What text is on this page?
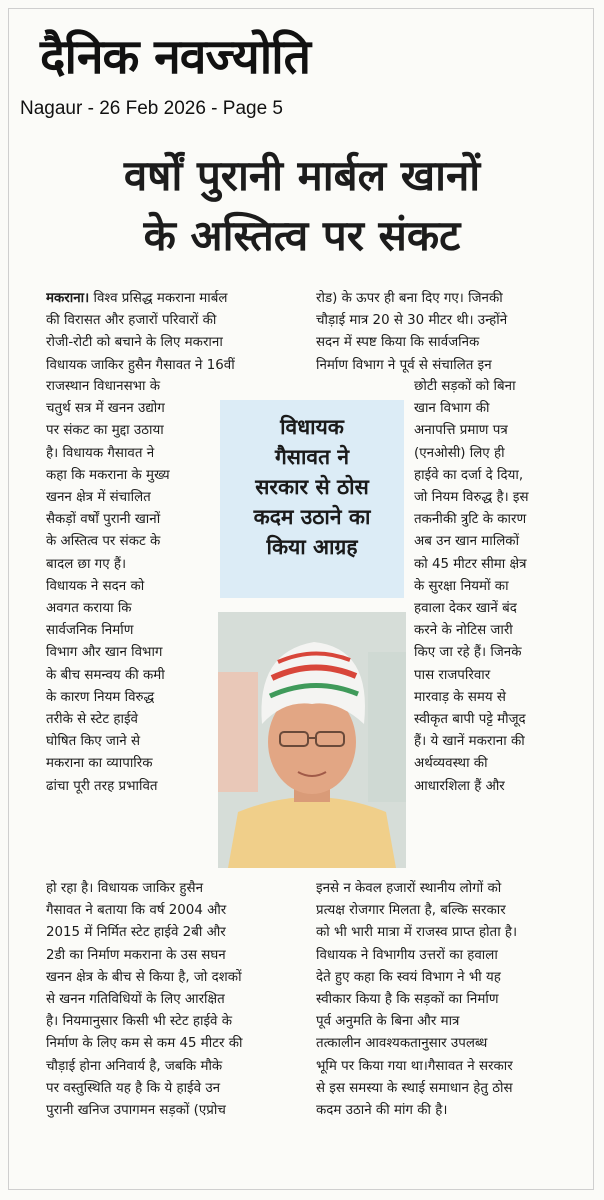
दैनिक नवज्योति
Nagaur - 26 Feb 2026 - Page 5
वर्षों पुरानी मार्बल खानों
के अस्तित्व पर संकट
मकराना। विश्व प्रसिद्ध मकराना मार्बल
की विरासत और हजारों परिवारों की
रोजी-रोटी को बचाने के लिए मकराना
विधायक जाकिर हुसैन गैसावत ने 16वीं
राजस्थान विधानसभा के
चतुर्थ सत्र में खनन उद्योग
पर संकट का मुद्दा उठाया
है। विधायक गैसावत ने
कहा कि मकराना के मुख्य
खनन क्षेत्र में संचालित
सैकड़ों वर्षों पुरानी खानों
के अस्तित्व पर संकट के
बादल छा गए हैं।
विधायक ने सदन को
अवगत कराया कि
सार्वजनिक निर्माण
विभाग और खान विभाग
के बीच समन्वय की कमी
के कारण नियम विरुद्ध
तरीके से स्टेट हाईवे
घोषित किए जाने से
मकराना का व्यापारिक
ढांचा पूरी तरह प्रभावित
हो रहा है। विधायक जाकिर हुसैन
गैसावत ने बताया कि वर्ष 2004 और
2015 में निर्मित स्टेट हाईवे 2बी और
2डी का निर्माण मकराना के उस सघन
खनन क्षेत्र के बीच से किया है, जो दशकों
से खनन गतिविधियों के लिए आरक्षित
है। नियमानुसार किसी भी स्टेट हाईवे के
निर्माण के लिए कम से कम 45 मीटर की
चौड़ाई होना अनिवार्य है, जबकि मौके
पर वस्तुस्थिति यह है कि ये हाईवे उन
पुरानी खनिज उपागमन सड़कों (एप्रोच
रोड) के ऊपर ही बना दिए गए। जिनकी
चौड़ाई मात्र 20 से 30 मीटर थी। उन्होंने
सदन में स्पष्ट किया कि सार्वजनिक
निर्माण विभाग ने पूर्व से संचालित इन
छोटी सड़कों को बिना
खान विभाग की
अनापत्ति प्रमाण पत्र
(एनओसी) लिए ही
हाईवे का दर्जा दे दिया,
जो नियम विरुद्ध है। इस
तकनीकी त्रुटि के कारण
अब उन खान मालिकों
को 45 मीटर सीमा क्षेत्र
के सुरक्षा नियमों का
हवाला देकर खानें बंद
करने के नोटिस जारी
किए जा रहे हैं। जिनके
पास राजपरिवार
मारवाड़ के समय से
स्वीकृत बापी पट्टे मौजूद
हैं। ये खानें मकराना की
अर्थव्यवस्था की
आधारशिला हैं और
इनसे न केवल हजारों स्थानीय लोगों को
प्रत्यक्ष रोजगार मिलता है, बल्कि सरकार
को भी भारी मात्रा में राजस्व प्राप्त होता है।
विधायक ने विभागीय उत्तरों का हवाला
देते हुए कहा कि स्वयं विभाग ने भी यह
स्वीकार किया है कि सड़कों का निर्माण
पूर्व अनुमति के बिना और मात्र
तत्कालीन आवश्यकतानुसार उपलब्ध
भूमि पर किया गया था।गैसावत ने सरकार
से इस समस्या के स्थाई समाधान हेतु ठोस
कदम उठाने की मांग की है।
विधायक
गैसावत ने
सरकार से ठोस
कदम उठाने का
किया आग्रह
